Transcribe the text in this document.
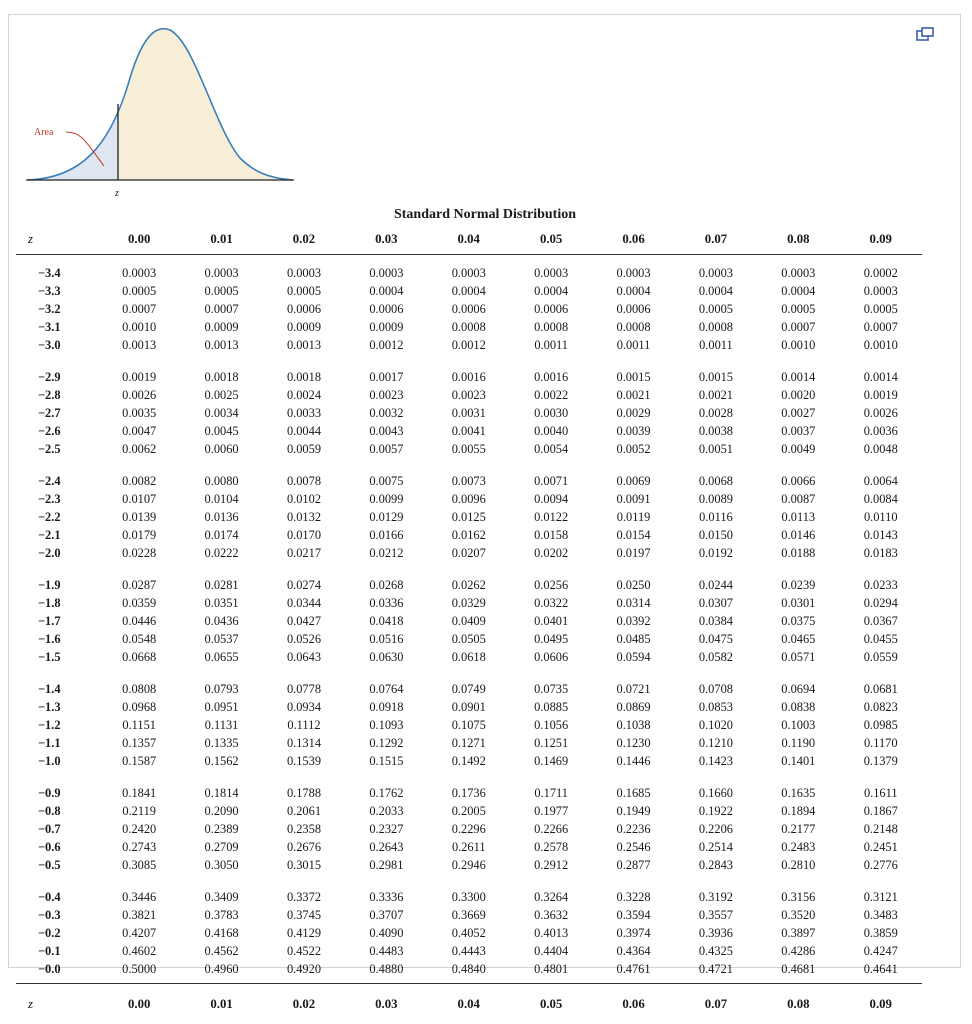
Area
z
Standard Normal Distribution
z	0.00	0.01	0.02	0.03	0.04	0.05	0.06	0.07	0.08	0.09
−3.4	0.0003	0.0003	0.0003	0.0003	0.0003	0.0003	0.0003	0.0003	0.0003	0.0002
−3.3	0.0005	0.0005	0.0005	0.0004	0.0004	0.0004	0.0004	0.0004	0.0004	0.0003
−3.2	0.0007	0.0007	0.0006	0.0006	0.0006	0.0006	0.0006	0.0005	0.0005	0.0005
−3.1	0.0010	0.0009	0.0009	0.0009	0.0008	0.0008	0.0008	0.0008	0.0007	0.0007
−3.0	0.0013	0.0013	0.0013	0.0012	0.0012	0.0011	0.0011	0.0011	0.0010	0.0010
−2.9	0.0019	0.0018	0.0018	0.0017	0.0016	0.0016	0.0015	0.0015	0.0014	0.0014
−2.8	0.0026	0.0025	0.0024	0.0023	0.0023	0.0022	0.0021	0.0021	0.0020	0.0019
−2.7	0.0035	0.0034	0.0033	0.0032	0.0031	0.0030	0.0029	0.0028	0.0027	0.0026
−2.6	0.0047	0.0045	0.0044	0.0043	0.0041	0.0040	0.0039	0.0038	0.0037	0.0036
−2.5	0.0062	0.0060	0.0059	0.0057	0.0055	0.0054	0.0052	0.0051	0.0049	0.0048
−2.4	0.0082	0.0080	0.0078	0.0075	0.0073	0.0071	0.0069	0.0068	0.0066	0.0064
−2.3	0.0107	0.0104	0.0102	0.0099	0.0096	0.0094	0.0091	0.0089	0.0087	0.0084
−2.2	0.0139	0.0136	0.0132	0.0129	0.0125	0.0122	0.0119	0.0116	0.0113	0.0110
−2.1	0.0179	0.0174	0.0170	0.0166	0.0162	0.0158	0.0154	0.0150	0.0146	0.0143
−2.0	0.0228	0.0222	0.0217	0.0212	0.0207	0.0202	0.0197	0.0192	0.0188	0.0183
−1.9	0.0287	0.0281	0.0274	0.0268	0.0262	0.0256	0.0250	0.0244	0.0239	0.0233
−1.8	0.0359	0.0351	0.0344	0.0336	0.0329	0.0322	0.0314	0.0307	0.0301	0.0294
−1.7	0.0446	0.0436	0.0427	0.0418	0.0409	0.0401	0.0392	0.0384	0.0375	0.0367
−1.6	0.0548	0.0537	0.0526	0.0516	0.0505	0.0495	0.0485	0.0475	0.0465	0.0455
−1.5	0.0668	0.0655	0.0643	0.0630	0.0618	0.0606	0.0594	0.0582	0.0571	0.0559
−1.4	0.0808	0.0793	0.0778	0.0764	0.0749	0.0735	0.0721	0.0708	0.0694	0.0681
−1.3	0.0968	0.0951	0.0934	0.0918	0.0901	0.0885	0.0869	0.0853	0.0838	0.0823
−1.2	0.1151	0.1131	0.1112	0.1093	0.1075	0.1056	0.1038	0.1020	0.1003	0.0985
−1.1	0.1357	0.1335	0.1314	0.1292	0.1271	0.1251	0.1230	0.1210	0.1190	0.1170
−1.0	0.1587	0.1562	0.1539	0.1515	0.1492	0.1469	0.1446	0.1423	0.1401	0.1379
−0.9	0.1841	0.1814	0.1788	0.1762	0.1736	0.1711	0.1685	0.1660	0.1635	0.1611
−0.8	0.2119	0.2090	0.2061	0.2033	0.2005	0.1977	0.1949	0.1922	0.1894	0.1867
−0.7	0.2420	0.2389	0.2358	0.2327	0.2296	0.2266	0.2236	0.2206	0.2177	0.2148
−0.6	0.2743	0.2709	0.2676	0.2643	0.2611	0.2578	0.2546	0.2514	0.2483	0.2451
−0.5	0.3085	0.3050	0.3015	0.2981	0.2946	0.2912	0.2877	0.2843	0.2810	0.2776
−0.4	0.3446	0.3409	0.3372	0.3336	0.3300	0.3264	0.3228	0.3192	0.3156	0.3121
−0.3	0.3821	0.3783	0.3745	0.3707	0.3669	0.3632	0.3594	0.3557	0.3520	0.3483
−0.2	0.4207	0.4168	0.4129	0.4090	0.4052	0.4013	0.3974	0.3936	0.3897	0.3859
−0.1	0.4602	0.4562	0.4522	0.4483	0.4443	0.4404	0.4364	0.4325	0.4286	0.4247
−0.0	0.5000	0.4960	0.4920	0.4880	0.4840	0.4801	0.4761	0.4721	0.4681	0.4641
z	0.00	0.01	0.02	0.03	0.04	0.05	0.06	0.07	0.08	0.09
